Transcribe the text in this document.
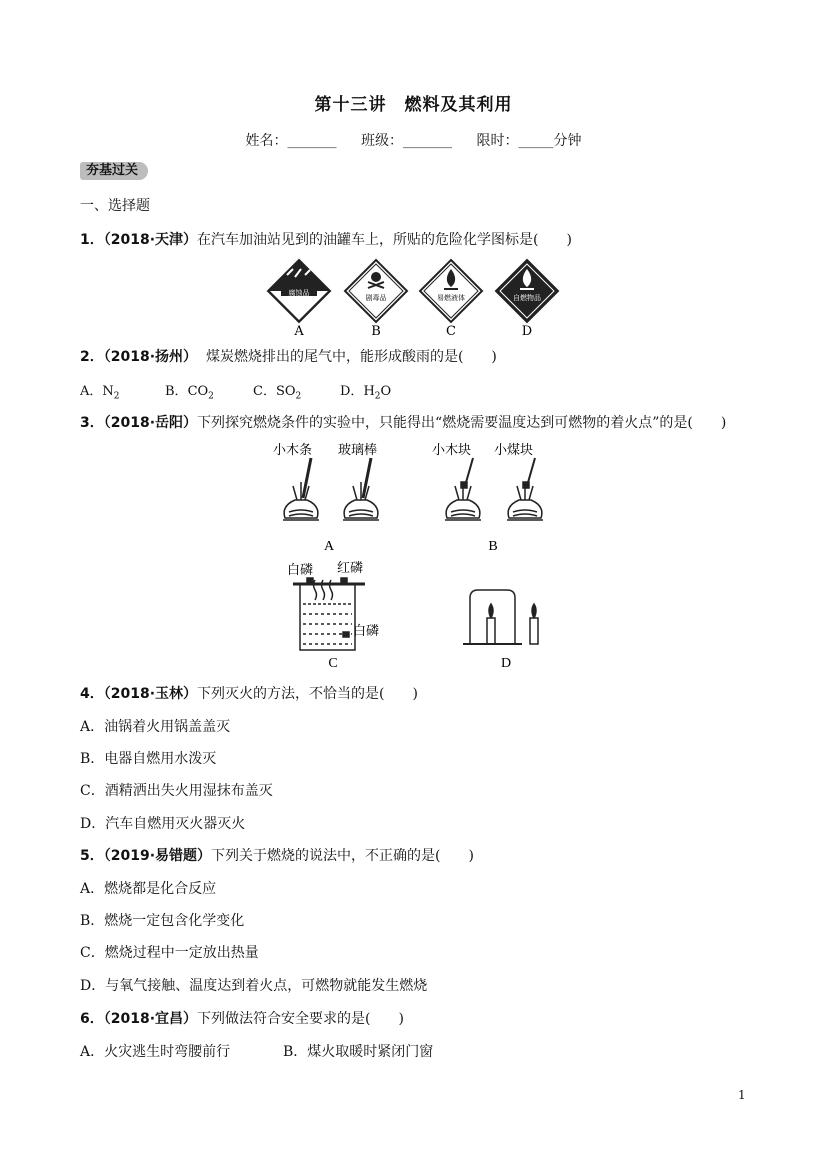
第十三讲　燃料及其利用
姓名：_______ 班级：_______ 限时：_____分钟
夯基过关
一、选择题
1．（2018·天津）在汽车加油站见到的油罐车上，所贴的危险化学图标是(　　)
腐蚀品
A
剧毒品
B
易燃液体
C
自燃物品
D
2．（2018·扬州） 煤炭燃烧排出的尾气中，能形成酸雨的是(　　)
A．$N_2$	B．$CO_2$	C．$SO_2$	D．$H_2O$
3．（2018·岳阳）下列探究燃烧条件的实验中，只能得出“燃烧需要温度达到可燃物的着火点”的是(　　)
小木条 玻璃棒	小木块 小煤块
A	B
白磷 红磷
白磷
C	D
4．（2018·玉林）下列灭火的方法，不恰当的是(　　)
A．油锅着火用锅盖盖灭
B．电器自燃用水泼灭
C．酒精洒出失火用湿抹布盖灭
D．汽车自燃用灭火器灭火
5．（2019·易错题）下列关于燃烧的说法中，不正确的是(　　)
A．燃烧都是化合反应
B．燃烧一定包含化学变化
C．燃烧过程中一定放出热量
D．与氧气接触、温度达到着火点，可燃物就能发生燃烧
6．（2018·宜昌）下列做法符合安全要求的是(　　)
A．火灾逃生时弯腰前行	B．煤火取暖时紧闭门窗
1
